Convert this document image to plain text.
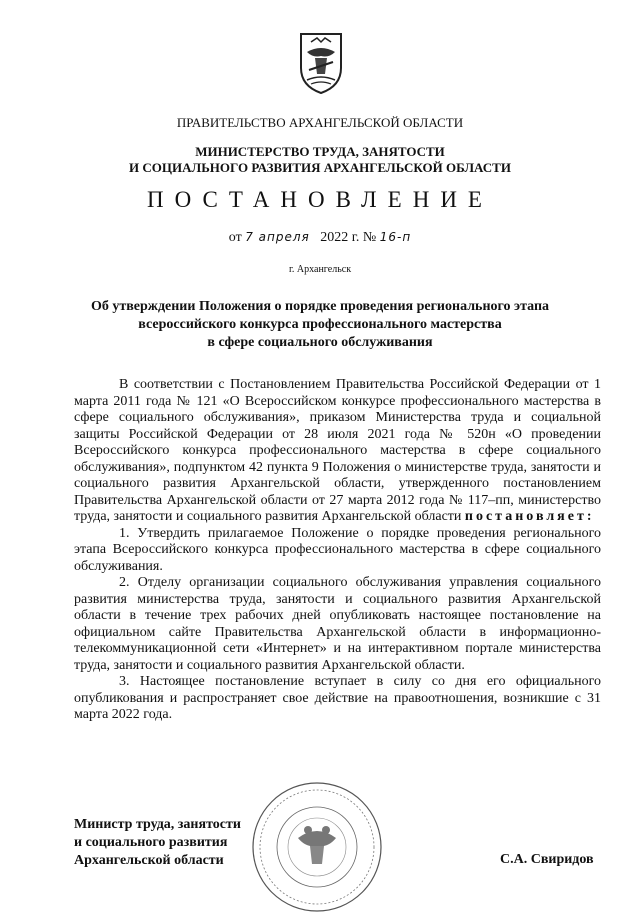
ПРАВИТЕЛЬСТВО АРХАНГЕЛЬСКОЙ ОБЛАСТИ
МИНИСТЕРСТВО ТРУДА, ЗАНЯТОСТИ
И СОЦИАЛЬНОГО РАЗВИТИЯ АРХАНГЕЛЬСКОЙ ОБЛАСТИ
ПОСТАНОВЛЕНИЕ
от 7 апреля 2022 г. № 16-п
г. Архангельск
Об утверждении Положения о порядке проведения регионального этапа
всероссийского конкурса профессионального мастерства
в сфере социального обслуживания

В соответствии с Постановлением Правительства Российской Федерации от 1 марта 2011 года № 121 «О Всероссийском конкурсе профессионального мастерства в сфере социального обслуживания», приказом Министерства труда и социальной защиты Российской Федерации от 28 июля 2021 года № 520н «О проведении Всероссийского конкурса профессионального мастерства в сфере социального обслуживания», подпунктом 42 пункта 9 Положения о министерстве труда, занятости и социального развития Архангельской области, утвержденного постановлением Правительства Архангельской области от 27 марта 2012 года № 117–пп, министерство труда, занятости и социального развития Архангельской области постановляет:

1. Утвердить прилагаемое Положение о порядке проведения регионального этапа Всероссийского конкурса профессионального мастерства в сфере социального обслуживания.

2. Отделу организации социального обслуживания управления социального развития министерства труда, занятости и социального развития Архангельской области в течение трех рабочих дней опубликовать настоящее постановление на официальном сайте Правительства Архангельской области в информационно-телекоммуникационной сети «Интернет» и на интерактивном портале министерства труда, занятости и социального развития Архангельской области.

3. Настоящее постановление вступает в силу со дня его официального опубликования и распространяет свое действие на правоотношения, возникшие с 31 марта 2022 года.

Министр труда, занятости
и социального развития
Архангельской области	С.А. Свиридов
